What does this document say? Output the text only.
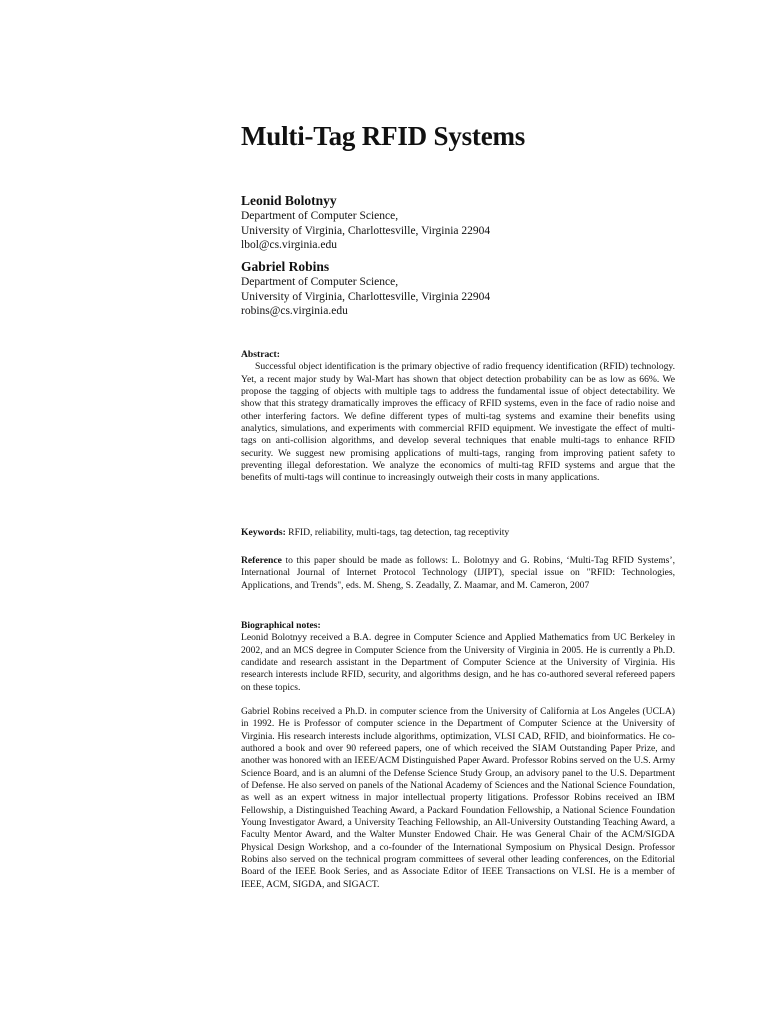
Multi-Tag RFID Systems
Leonid Bolotnyy
Department of Computer Science,
University of Virginia, Charlottesville, Virginia 22904
lbol@cs.virginia.edu
Gabriel Robins
Department of Computer Science,
University of Virginia, Charlottesville, Virginia 22904
robins@cs.virginia.edu
Abstract:

Successful object identification is the primary objective of radio frequency identification (RFID) technology. Yet, a recent major study by Wal-Mart has shown that object detection probability can be as low as 66%. We propose the tagging of objects with multiple tags to address the fundamental issue of object detectability. We show that this strategy dramatically improves the efficacy of RFID systems, even in the face of radio noise and other interfering factors. We define different types of multi-tag systems and examine their benefits using analytics, simulations, and experiments with commercial RFID equipment. We investigate the effect of multi-tags on anti-collision algorithms, and develop several techniques that enable multi-tags to enhance RFID security. We suggest new promising applications of multi-tags, ranging from improving patient safety to preventing illegal deforestation. We analyze the economics of multi-tag RFID systems and argue that the benefits of multi-tags will continue to increasingly outweigh their costs in many applications.

Keywords: RFID, reliability, multi-tags, tag detection, tag receptivity
Reference to this paper should be made as follows: L. Bolotnyy and G. Robins, ‘Multi-Tag RFID Systems’, International Journal of Internet Protocol Technology (IJIPT), special issue on "RFID: Technologies, Applications, and Trends", eds. M. Sheng, S. Zeadally, Z. Maamar, and M. Cameron, 2007
Biographical notes:

Leonid Bolotnyy received a B.A. degree in Computer Science and Applied Mathematics from UC Berkeley in 2002, and an MCS degree in Computer Science from the University of Virginia in 2005. He is currently a Ph.D. candidate and research assistant in the Department of Computer Science at the University of Virginia. His research interests include RFID, security, and algorithms design, and he has co-authored several refereed papers on these topics.

Gabriel Robins received a Ph.D. in computer science from the University of California at Los Angeles (UCLA) in 1992. He is Professor of computer science in the Department of Computer Science at the University of Virginia. His research interests include algorithms, optimization, VLSI CAD, RFID, and bioinformatics. He co-authored a book and over 90 refereed papers, one of which received the SIAM Outstanding Paper Prize, and another was honored with an IEEE/ACM Distinguished Paper Award. Professor Robins served on the U.S. Army Science Board, and is an alumni of the Defense Science Study Group, an advisory panel to the U.S. Department of Defense. He also served on panels of the National Academy of Sciences and the National Science Foundation, as well as an expert witness in major intellectual property litigations. Professor Robins received an IBM Fellowship, a Distinguished Teaching Award, a Packard Foundation Fellowship, a National Science Foundation Young Investigator Award, a University Teaching Fellowship, an All-University Outstanding Teaching Award, a Faculty Mentor Award, and the Walter Munster Endowed Chair. He was General Chair of the ACM/SIGDA Physical Design Workshop, and a co-founder of the International Symposium on Physical Design. Professor Robins also served on the technical program committees of several other leading conferences, on the Editorial Board of the IEEE Book Series, and as Associate Editor of IEEE Transactions on VLSI. He is a member of IEEE, ACM, SIGDA, and SIGACT.
